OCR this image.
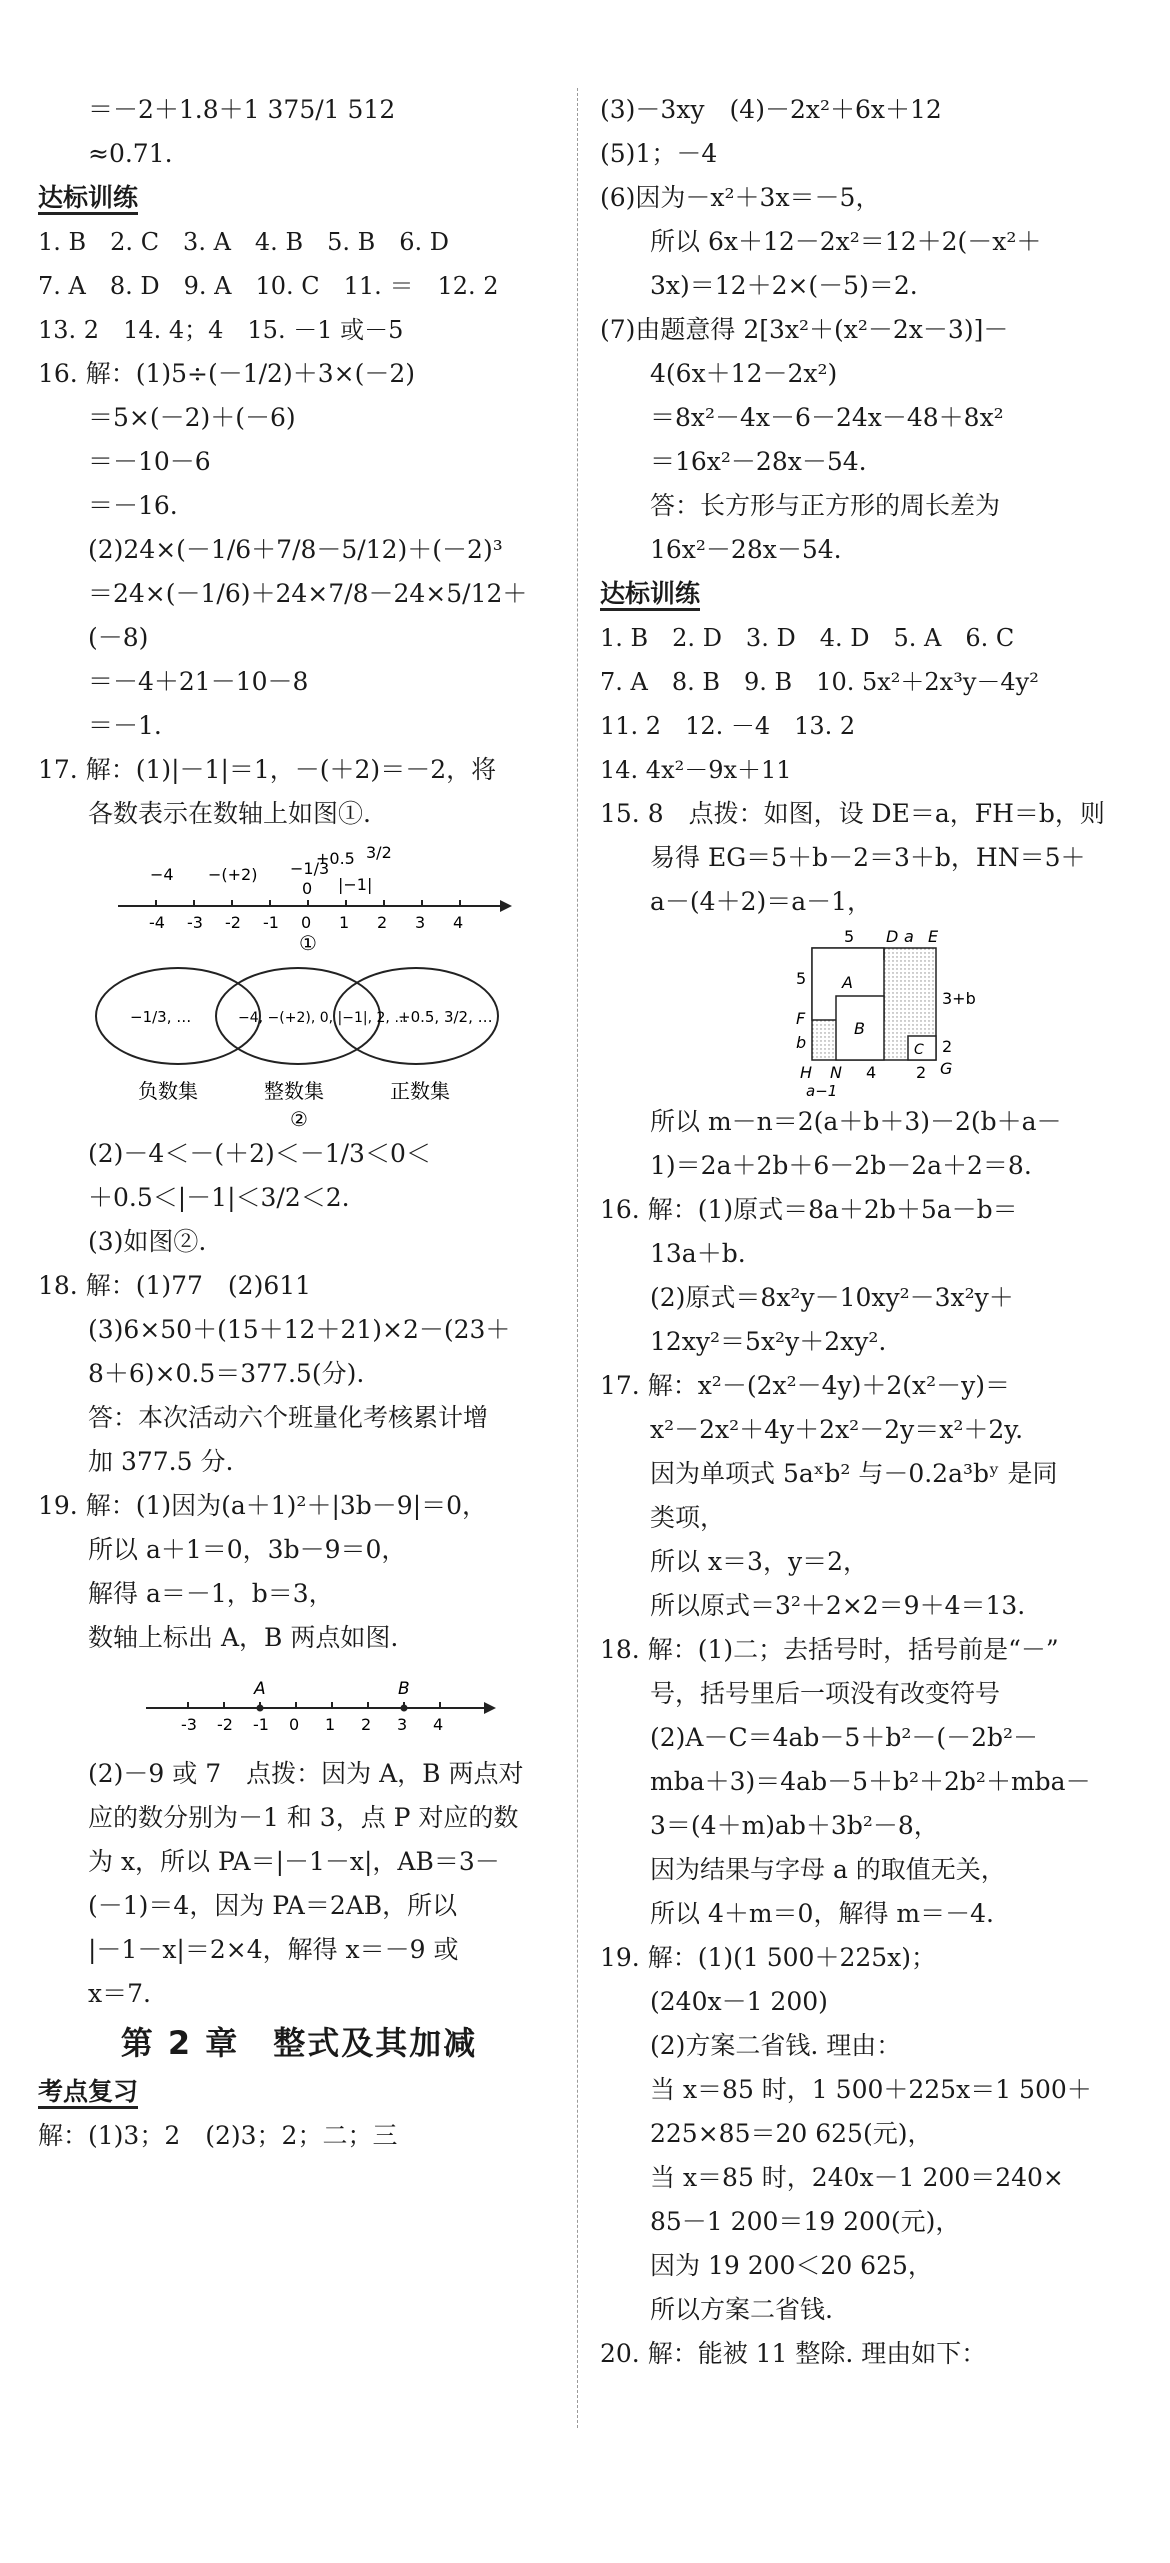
＝－2＋1.8＋1 375/1 512
≈0.71.
达标训练
1. B　2. C　3. A　4. B　5. B　6. D
7. A　8. D　9. A　10. C　11. ＝　12. 2
13. 2　14. 4；4　15. －1 或－5
16. 解：(1)5÷(－1/2)＋3×(－2)
＝5×(－2)＋(－6)
＝－10－6
＝－16.
(2)24×(－1/6＋7/8－5/12)＋(－2)³
＝24×(－1/6)＋24×7/8－24×5/12＋
(－8)
＝－4＋21－10－8
＝－1.
17. 解：(1)|－1|＝1，－(＋2)＝－2，将
各数表示在数轴上如图①.
-4 -3 -2 -1 0 1 2 3 4
−4 −(+2) −1/3
0
+0.5
|−1|
3/2
①
−1/3, …	−4, −(+2), 0, |−1|, 2, …
+0.5, 3/2, …
负数集	整数集	正数集
②
(2)－4＜－(＋2)＜－1/3＜0＜
＋0.5＜|－1|＜3/2＜2.
(3)如图②.
18. 解：(1)77　(2)611
(3)6×50＋(15＋12＋21)×2－(23＋
8＋6)×0.5＝377.5(分).
答：本次活动六个班量化考核累计增
加 377.5 分.
19. 解：(1)因为(a＋1)²＋|3b－9|＝0，
所以 a＋1＝0，3b－9＝0，
解得 a＝－1，b＝3，
数轴上标出 A，B 两点如图.
-3 -2 -1 0 1 2 3 4
A	B
(2)－9 或 7　点拨：因为 A，B 两点对
应的数分别为－1 和 3，点 P 对应的数
为 x，所以 PA＝|－1－x|，AB＝3－
(－1)＝4，因为 PA＝2AB，所以
|－1－x|＝2×4，解得 x＝－9 或
x＝7.
第 2 章　整式及其加减
考点复习
解：(1)3；2　(2)3；2；二；三
(3)－3xy　(4)－2x²＋6x＋12
(5)1；－4
(6)因为－x²＋3x＝－5，
所以 6x＋12－2x²＝12＋2(－x²＋
3x)＝12＋2×(－5)＝2.
(7)由题意得 2[3x²＋(x²－2x－3)]－
4(6x＋12－2x²)
＝8x²－4x－6－24x－48＋8x²
＝16x²－28x－54.
答：长方形与正方形的周长差为
16x²－28x－54.
达标训练
1. B　2. D　3. D　4. D　5. A　6. C
7. A　8. B　9. B　10. 5x²＋2x³y－4y²
11. 2　12. －4　13. 2
14. 4x²－9x＋11
15. 8　点拨：如图，设 DE＝a，FH＝b，则
易得 EG＝5＋b－2＝3＋b，HN＝5＋
a－(4＋2)＝a－1，
5 D a E
5 A
3+b
F
b
B
C 2
H N 4 2 G
a−1
所以 m－n＝2(a＋b＋3)－2(b＋a－
1)＝2a＋2b＋6－2b－2a＋2＝8.
16. 解：(1)原式＝8a＋2b＋5a－b＝
13a＋b.
(2)原式＝8x²y－10xy²－3x²y＋
12xy²＝5x²y＋2xy².
17. 解：x²－(2x²－4y)＋2(x²－y)＝
x²－2x²＋4y＋2x²－2y＝x²＋2y.
因为单项式 5aˣb² 与－0.2a³bʸ 是同
类项，
所以 x＝3，y＝2，
所以原式＝3²＋2×2＝9＋4＝13.
18. 解：(1)二；去括号时，括号前是“－”
号，括号里后一项没有改变符号
(2)A－C＝4ab－5＋b²－(－2b²－
mba＋3)＝4ab－5＋b²＋2b²＋mba－
3＝(4＋m)ab＋3b²－8，
因为结果与字母 a 的取值无关，
所以 4＋m＝0，解得 m＝－4.
19. 解：(1)(1 500＋225x)；
(240x－1 200)
(2)方案二省钱. 理由：
当 x＝85 时，1 500＋225x＝1 500＋
225×85＝20 625(元)，
当 x＝85 时，240x－1 200＝240×
85－1 200＝19 200(元)，
因为 19 200＜20 625，
所以方案二省钱.
20. 解：能被 11 整除. 理由如下：
